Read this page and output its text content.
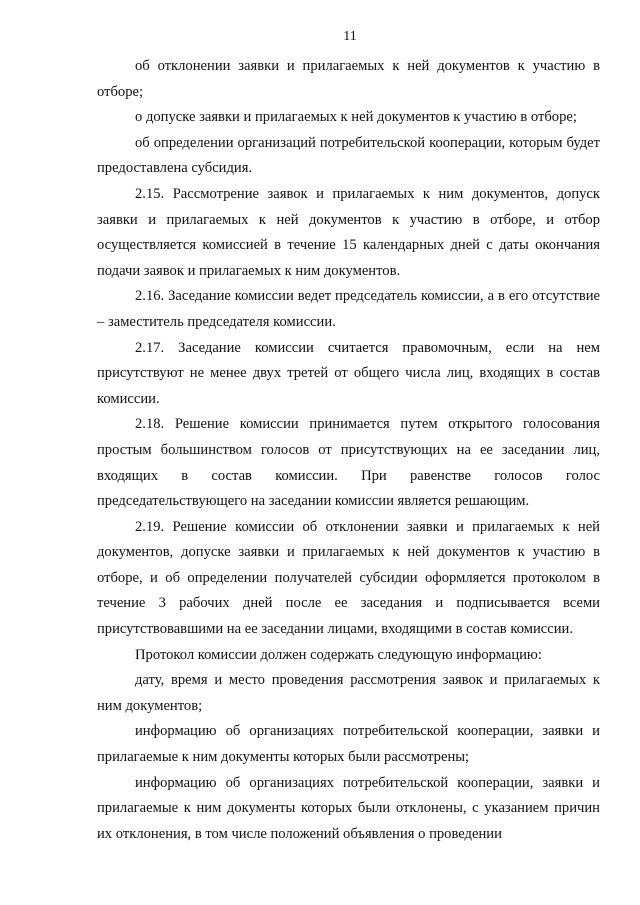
11

об отклонении заявки и прилагаемых к ней документов к участию в отборе;

о допуске заявки и прилагаемых к ней документов к участию в отборе;

об определении организаций потребительской кооперации, которым будет предоставлена субсидия.

2.15. Рассмотрение заявок и прилагаемых к ним документов, допуск заявки и прилагаемых к ней документов к участию в отборе, и отбор осуществляется комиссией в течение 15 календарных дней с даты окончания подачи заявок и прилагаемых к ним документов.

2.16. Заседание комиссии ведет председатель комиссии, а в его отсутствие – заместитель председателя комиссии.

2.17. Заседание комиссии считается правомочным, если на нем присутствуют не менее двух третей от общего числа лиц, входящих в состав комиссии.

2.18. Решение комиссии принимается путем открытого голосования простым большинством голосов от присутствующих на ее заседании лиц, входящих в состав комиссии. При равенстве голосов голос председательствующего на заседании комиссии является решающим.

2.19. Решение комиссии об отклонении заявки и прилагаемых к ней документов, допуске заявки и прилагаемых к ней документов к участию в отборе, и об определении получателей субсидии оформляется протоколом в течение 3 рабочих дней после ее заседания и подписывается всеми присутствовавшими на ее заседании лицами, входящими в состав комиссии.

Протокол комиссии должен содержать следующую информацию:

дату, время и место проведения рассмотрения заявок и прилагаемых к ним документов;

информацию об организациях потребительской кооперации, заявки и прилагаемые к ним документы которых были рассмотрены;

информацию об организациях потребительской кооперации, заявки и прилагаемые к ним документы которых были отклонены, с указанием причин их отклонения, в том числе положений объявления о проведении
